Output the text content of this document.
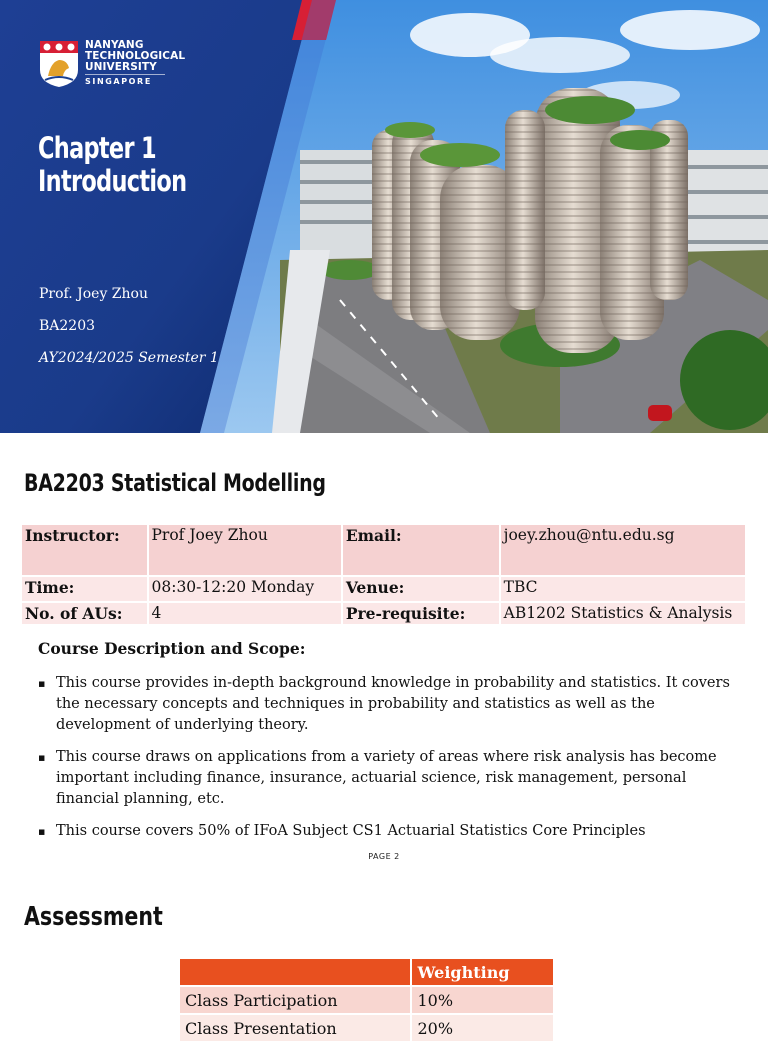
NANYANG
TECHNOLOGICAL
UNIVERSITY
SINGAPORE
Chapter 1
Introduction
Prof. Joey Zhou
BA2203
AY2024/2025 Semester 1
BA2203 Statistical Modelling
Instructor:	Prof Joey Zhou	Email:	joey.zhou@ntu.edu.sg
Time:	08:30-12:20 Monday	Venue:	TBC
No. of AUs:	4	Pre-requisite:	AB1202 Statistics & Analysis
Course Description and Scope:
▪ This course provides in-depth background knowledge in probability and statistics. It covers the necessary concepts and techniques in probability and statistics as well as the development of underlying theory.
▪ This course draws on applications from a variety of areas where risk analysis has become important including finance, insurance, actuarial science, risk management, personal financial planning, etc.
▪ This course covers 50% of IFoA Subject CS1 Actuarial Statistics Core Principles
PAGE 2
Assessment
	Weighting
Class Participation	10%
Class Presentation	20%
